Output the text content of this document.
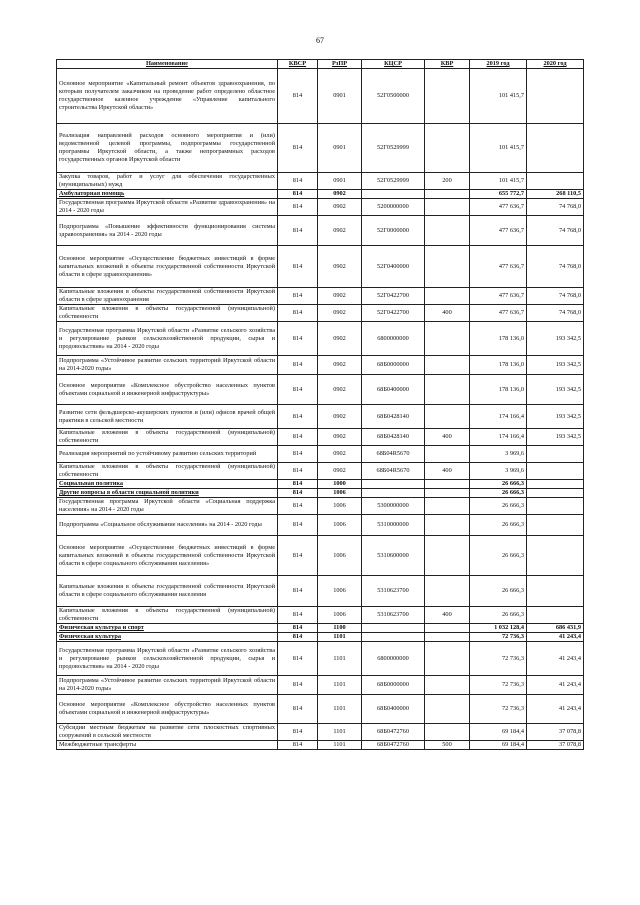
67
Наименование	КВСР	РзПР	КЦСР	КВР	2019 год	2020 год
Основное мероприятие «Капитальный ремонт объектов здравоохранения, по которым получателем заказчиком на проведение работ определено областное государственное казенное учреждение «Управление капитального строительства Иркутской области»	814	0901	52Г0500000		101 415,7	
Реализация направлений расходов основного мероприятия и (или) ведомственной целевой программы, подпрограммы государственной программы Иркутской области, а также непрограммных расходов государственных органов Иркутской области	814	0901	52Г0529999		101 415,7	
Закупка товаров, работ и услуг для обеспечения государственных (муниципальных) нужд	814	0901	52Г0529999	200	101 415,7	
Амбулаторная помощь	814	0902			655 772,7	268 110,5
Государственная программа Иркутской области «Развитие здравоохранения» на 2014 - 2020 годы	814	0902	5200000000		477 636,7	74 768,0
Подпрограмма «Повышение эффективности функционирования системы здравоохранения» на 2014 - 2020 годы	814	0902	52Г0000000		477 636,7	74 768,0
Основное мероприятие «Осуществление бюджетных инвестиций в форме капитальных вложений в объекты государственной собственности Иркутской области в сфере здравоохранения»	814	0902	52Г0400000		477 636,7	74 768,0
Капитальные вложения в объекты государственной собственности Иркутской области в сфере здравоохранения	814	0902	52Г0422700		477 636,7	74 768,0
Капитальные вложения в объекты государственной (муниципальной) собственности	814	0902	52Г0422700	400	477 636,7	74 768,0
Государственная программа Иркутской области «Развитие сельского хозяйства и регулирование рынков сельскохозяйственной продукции, сырья и продовольствия» на 2014 - 2020 годы	814	0902	6800000000		178 136,0	193 342,5
Подпрограмма «Устойчивое развитие сельских территорий Иркутской области на 2014-2020 годы»	814	0902	68Б0000000		178 136,0	193 342,5
Основное мероприятие «Комплексное обустройство населенных пунктов объектами социальной и инженерной инфраструктуры»	814	0902	68Б0400000		178 136,0	193 342,5
Развитие сети фельдшерско-акушерских пунктов и (или) офисов врачей общей практики в сельской местности	814	0902	68Б0428140		174 166,4	193 342,5
Капитальные вложения в объекты государственной (муниципальной) собственности	814	0902	68Б0428140	400	174 166,4	193 342,5
Реализация мероприятий по устойчивому развитию сельских территорий	814	0902	68Б04R5670		3 969,6	
Капитальные вложения в объекты государственной (муниципальной) собственности	814	0902	68Б04R5670	400	3 969,6	
Социальная политика	814	1000			26 666,3	
Другие вопросы в области социальной политики	814	1006			26 666,3	
Государственная программа Иркутской области «Социальная поддержка населения» на 2014 - 2020 годы	814	1006	5300000000		26 666,3	
Подпрограмма «Социальное обслуживание населения» на 2014 - 2020 годы	814	1006	5310000000		26 666,3	
Основное мероприятие «Осуществление бюджетных инвестиций в форме капитальных вложений в объекты государственной собственности Иркутской области в сфере социального обслуживания населения»	814	1006	5310600000		26 666,3	
Капитальные вложения в объекты государственной собственности Иркутской области в сфере социального обслуживания населения	814	1006	5310623700		26 666,3	
Капитальные вложения в объекты государственной (муниципальной) собственности	814	1006	5310623700	400	26 666,3	
Физическая культура и спорт	814	1100			1 032 128,4	686 431,9
Физическая культура	814	1101			72 736,3	41 243,4
Государственная программа Иркутской области «Развитие сельского хозяйства и регулирование рынков сельскохозяйственной продукции, сырья и продовольствия» на 2014 - 2020 годы	814	1101	6800000000		72 736,3	41 243,4
Подпрограмма «Устойчивое развитие сельских территорий Иркутской области на 2014-2020 годы»	814	1101	68Б0000000		72 736,3	41 243,4
Основное мероприятие «Комплексное обустройство населенных пунктов объектами социальной и инженерной инфраструктуры»	814	1101	68Б0400000		72 736,3	41 243,4
Субсидии местным бюджетам на развитие сети плоскостных спортивных сооружений в сельской местности	814	1101	68Б0472760		69 184,4	37 078,8
Межбюджетные трансферты	814	1101	68Б0472760	500	69 184,4	37 078,8
